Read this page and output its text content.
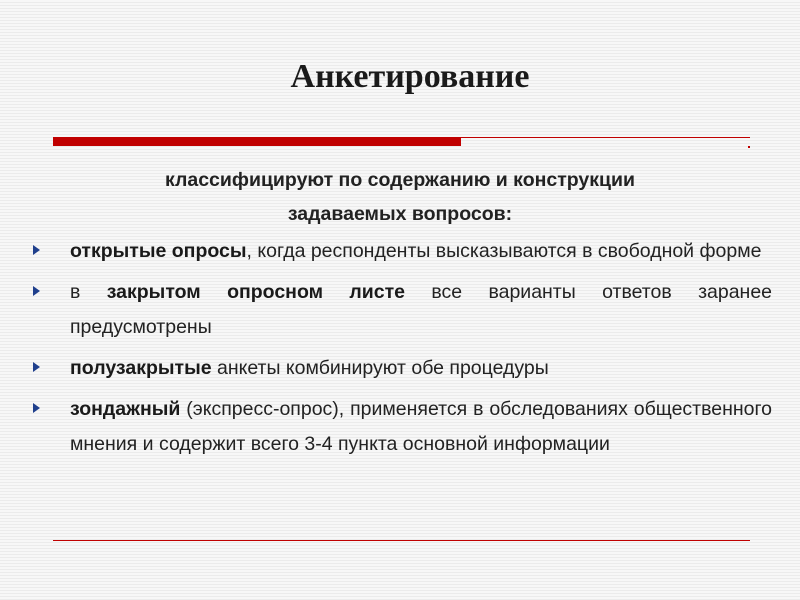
Анкетирование
классифицируют по содержанию и конструкции
задаваемых вопросов:
открытые опросы, когда респонденты высказываются в свободной форме
в закрытом опросном листе все варианты ответов заранее предусмотрены
полузакрытые анкеты комбинируют обе процедуры
зондажный (экспресс-опрос), применяется в обследованиях общественного мнения и содержит всего 3-4 пункта основной информации
